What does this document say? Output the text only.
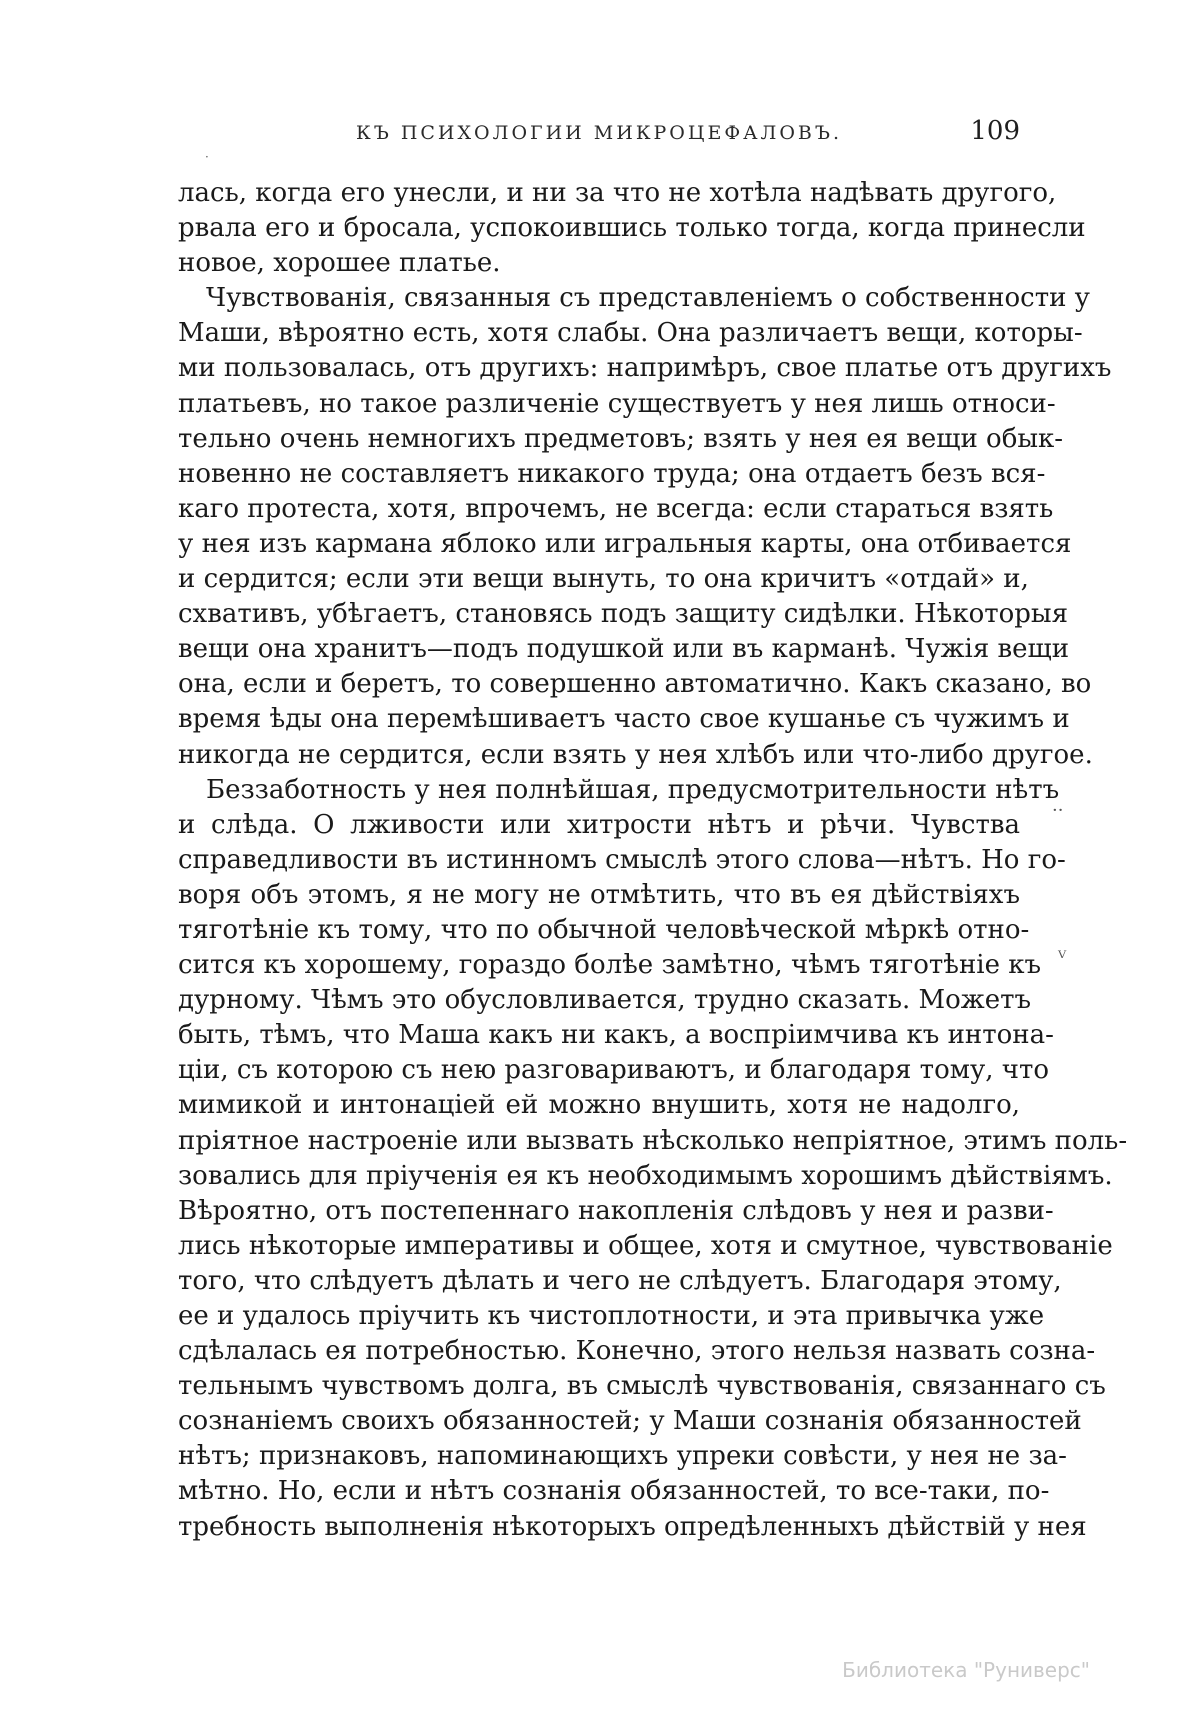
КЪ ПСИХОЛОГИИ МИКРОЦЕФАЛОВЪ.	109
·
лась, когда его унесли, и ни за что не хотѣла надѣвать другого,
рвала его и бросала, успокоившись только тогда, когда принесли
новое, хорошее платье.
Чувствованія, связанныя съ представленіемъ о собственности у
Маши, вѣроятно есть, хотя слабы. Она различаетъ вещи, которы-
ми пользовалась, отъ другихъ: напримѣръ, свое платье отъ другихъ
платьевъ, но такое различеніе существуетъ у нея лишь относи-
тельно очень немногихъ предметовъ; взять у нея ея вещи обык-
новенно не составляетъ никакого труда; она отдаетъ безъ вся-
каго протеста, хотя, впрочемъ, не всегда: если стараться взять
у нея изъ кармана яблоко или игральныя карты, она отбивается
и сердится; если эти вещи вынуть, то она кричитъ «отдай» и,
схвативъ, убѣгаетъ, становясь подъ защиту сидѣлки. Нѣкоторыя
вещи она хранитъ—подъ подушкой или въ карманѣ. Чужія вещи
она, если и беретъ, то совершенно автоматично. Какъ сказано, во
время ѣды она перемѣшиваетъ часто свое кушанье съ чужимъ и
никогда не сердится, если взять у нея хлѣбъ или что-либо другое.
Беззаботность у нея полнѣйшая, предусмотрительности нѣтъ
и слѣда. О лживости или хитрости нѣтъ и рѣчи. Чувства
справедливости въ истинномъ смыслѣ этого слова—нѣтъ. Но го-
воря объ этомъ, я не могу не отмѣтить, что въ ея дѣйствіяхъ
тяготѣніе къ тому, что по обычной человѣческой мѣркѣ отно-
сится къ хорошему, гораздо болѣе замѣтно, чѣмъ тяготѣніе къ
дурному. Чѣмъ это обусловливается, трудно сказать. Можетъ
быть, тѣмъ, что Маша какъ ни какъ, а воспріимчива къ интона-
ціи, съ которою съ нею разговариваютъ, и благодаря тому, что
мимикой и интонаціей ей можно внушить, хотя не надолго,
пріятное настроеніе или вызвать нѣсколько непріятное, этимъ поль-
зовались для пріученія ея къ необходимымъ хорошимъ дѣйствіямъ.
Вѣроятно, отъ постепеннаго накопленія слѣдовъ у нея и разви-
лись нѣкоторые императивы и общее, хотя и смутное, чувствованіе
того, что слѣдуетъ дѣлать и чего не слѣдуетъ. Благодаря этому,
ее и удалось пріучить къ чистоплотности, и эта привычка уже
сдѣлалась ея потребностью. Конечно, этого нельзя назвать созна-
тельнымъ чувствомъ долга, въ смыслѣ чувствованія, связаннаго съ
сознаніемъ своихъ обязанностей; у Маши сознанія обязанностей
нѣтъ; признаковъ, напоминающихъ упреки совѣсти, у нея не за-
мѣтно. Но, если и нѣтъ сознанія обязанностей, то все-таки, по-
требность выполненія нѣкоторыхъ опредѣленныхъ дѣйствій у нея
··
ⱽ
Библиотека "Руниверс"
